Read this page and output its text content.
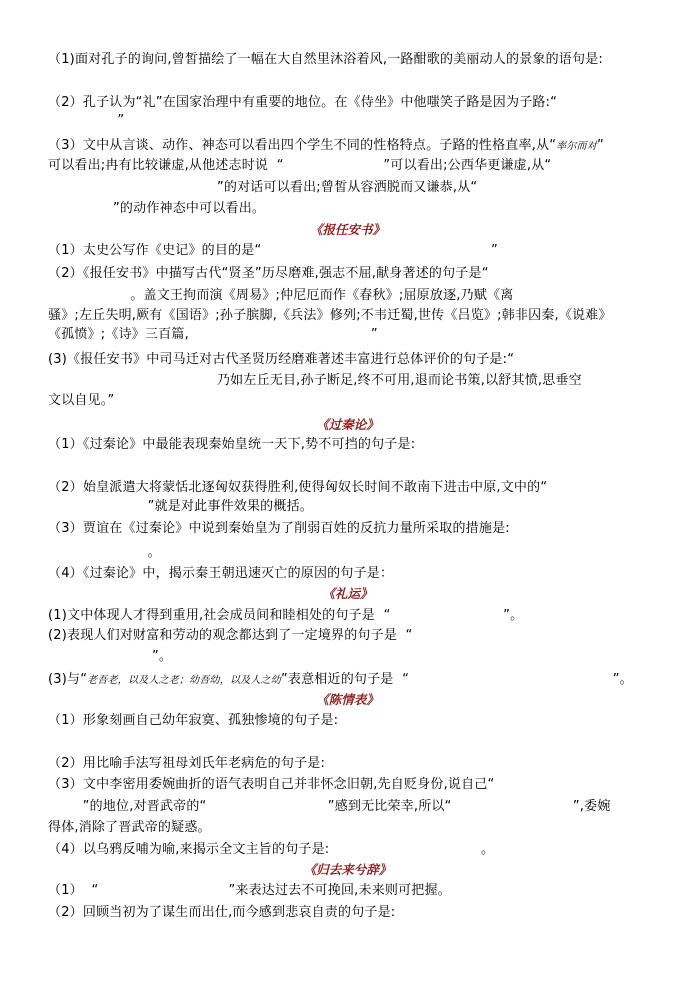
（1)面对孔子的询问,曾皙描绘了一幅在大自然里沐浴着风,一路酣歌的美丽动人的景象的语句是:
（2）孔子认为“礼”在国家治理中有重要的地位。在《侍坐》中他嗤笑子路是因为子路:“
”
（3）文中从言谈、动作、神态可以看出四个学生不同的性格特点。子路的性格直率,从“率尔而对”
可以看出;冉有比较谦虚,从他述志时说  “                       ”可以看出;公西华更谦虚,从“
”的对话可以看出;曾皙从容洒脱而又谦恭,从“
”的动作神态中可以看出。
《报任安书》
（1）太史公写作《史记》的目的是“                                                     ”
（2）《报任安书》中描写古代“贤圣”历尽磨难,强志不屈,献身著述的句子是“
。盖文王拘而演《周易》;仲尼厄而作《春秋》;屈原放逐,乃赋《离
骚》;左丘失明,厥有《国语》;孙子膑脚,《兵法》修列;不韦迁蜀,世传《吕览》;韩非囚秦,《说难》
《孤愤》;《诗》三百篇,                                          ”
(3)《报任安书》中司马迁对古代圣贤历经磨难著述丰富进行总体评价的句子是:“
乃如左丘无目,孙子断足,终不可用,退而论书策,以舒其愤,思垂空
文以自见。”
《过秦论》
（1）《过秦论》中最能表现秦始皇统一天下,势不可挡的句子是:
（2）始皇派遣大将蒙恬北逐匈奴获得胜利,使得匈奴长时间不敢南下进击中原,文中的“
”就是对此事件效果的概括。
（3）贾谊在《过秦论》中说到秦始皇为了削弱百姓的反抗力量所采取的措施是:
。
（4）《过秦论》中，揭示秦王朝迅速灭亡的原因的句子是：
《礼运》
(1)文中体现人才得到重用,社会成员间和睦相处的句子是  “                          ”。
(2)表现人们对财富和劳动的观念都达到了一定境界的句子是  “
”。
(3)与“老吾老，以及人之老；幼吾幼，以及人之幼”表意相近的句子是  “                                               ”。
《陈情表》
（1）形象刻画自己幼年寂寞、孤独惨境的句子是:
（2）用比喻手法写祖母刘氏年老病危的句子是:
（3）文中李密用委婉曲折的语气表明自己并非怀念旧朝,先自贬身份,说自己“
”的地位,对晋武帝的“                            ”感到无比荣幸,所以“                            ”,委婉
得体,消除了晋武帝的疑惑。
（4）以乌鸦反哺为喻,来揭示全文主旨的句子是:                                   。
《归去来兮辞》
（1）  “                              ”来表达过去不可挽回,未来则可把握。
（2）回顾当初为了谋生而出仕,而今感到悲哀自责的句子是:
